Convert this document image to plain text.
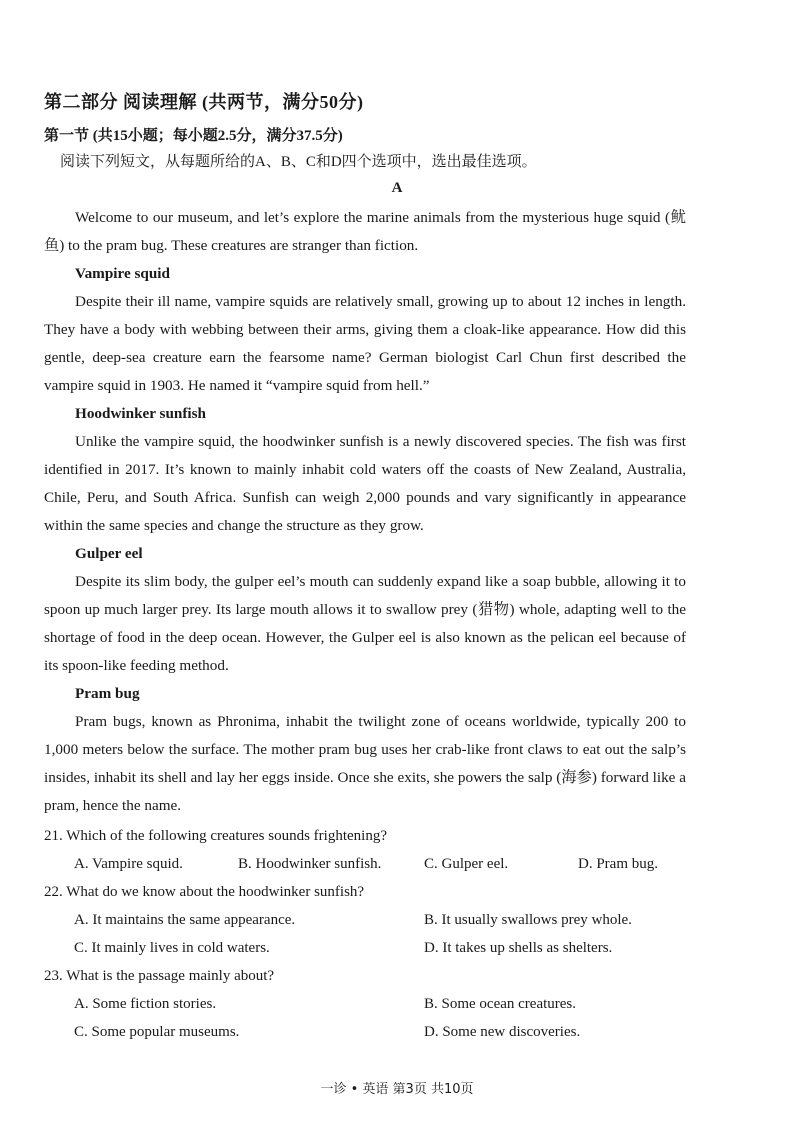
第二部分 阅读理解 (共两节，满分50分)
第一节 (共15小题；每小题2.5分，满分37.5分)
阅读下列短文，从每题所给的A、B、C和D四个选项中，选出最佳选项。
A

Welcome to our museum, and let’s explore the marine animals from the mysterious huge squid (鱿鱼) to the pram bug. These creatures are stranger than fiction.

Vampire squid

Despite their ill name, vampire squids are relatively small, growing up to about 12 inches in length. They have a body with webbing between their arms, giving them a cloak-like appearance. How did this gentle, deep-sea creature earn the fearsome name? German biologist Carl Chun first described the vampire squid in 1903. He named it “vampire squid from hell.”

Hoodwinker sunfish

Unlike the vampire squid, the hoodwinker sunfish is a newly discovered species. The fish was first identified in 2017. It’s known to mainly inhabit cold waters off the coasts of New Zealand, Australia, Chile, Peru, and South Africa. Sunfish can weigh 2,000 pounds and vary significantly in appearance within the same species and change the structure as they grow.

Gulper eel

Despite its slim body, the gulper eel’s mouth can suddenly expand like a soap bubble, allowing it to spoon up much larger prey. Its large mouth allows it to swallow prey (猎物) whole, adapting well to the shortage of food in the deep ocean. However, the Gulper eel is also known as the pelican eel because of its spoon-like feeding method.

Pram bug

Pram bugs, known as Phronima, inhabit the twilight zone of oceans worldwide, typically 200 to 1,000 meters below the surface. The mother pram bug uses her crab-like front claws to eat out the salp’s insides, inhabit its shell and lay her eggs inside. Once she exits, she powers the salp (海参) forward like a pram, hence the name.

21. Which of the following creatures sounds frightening?
A. Vampire squid.	B. Hoodwinker sunfish.	C. Gulper eel.	D. Pram bug.
22. What do we know about the hoodwinker sunfish?
A. It maintains the same appearance.	B. It usually swallows prey whole.
C. It mainly lives in cold waters.	D. It takes up shells as shelters.
23. What is the passage mainly about?
A. Some fiction stories.	B. Some ocean creatures.
C. Some popular museums.	D. Some new discoveries.
一诊 • 英语 第3页 共10页
